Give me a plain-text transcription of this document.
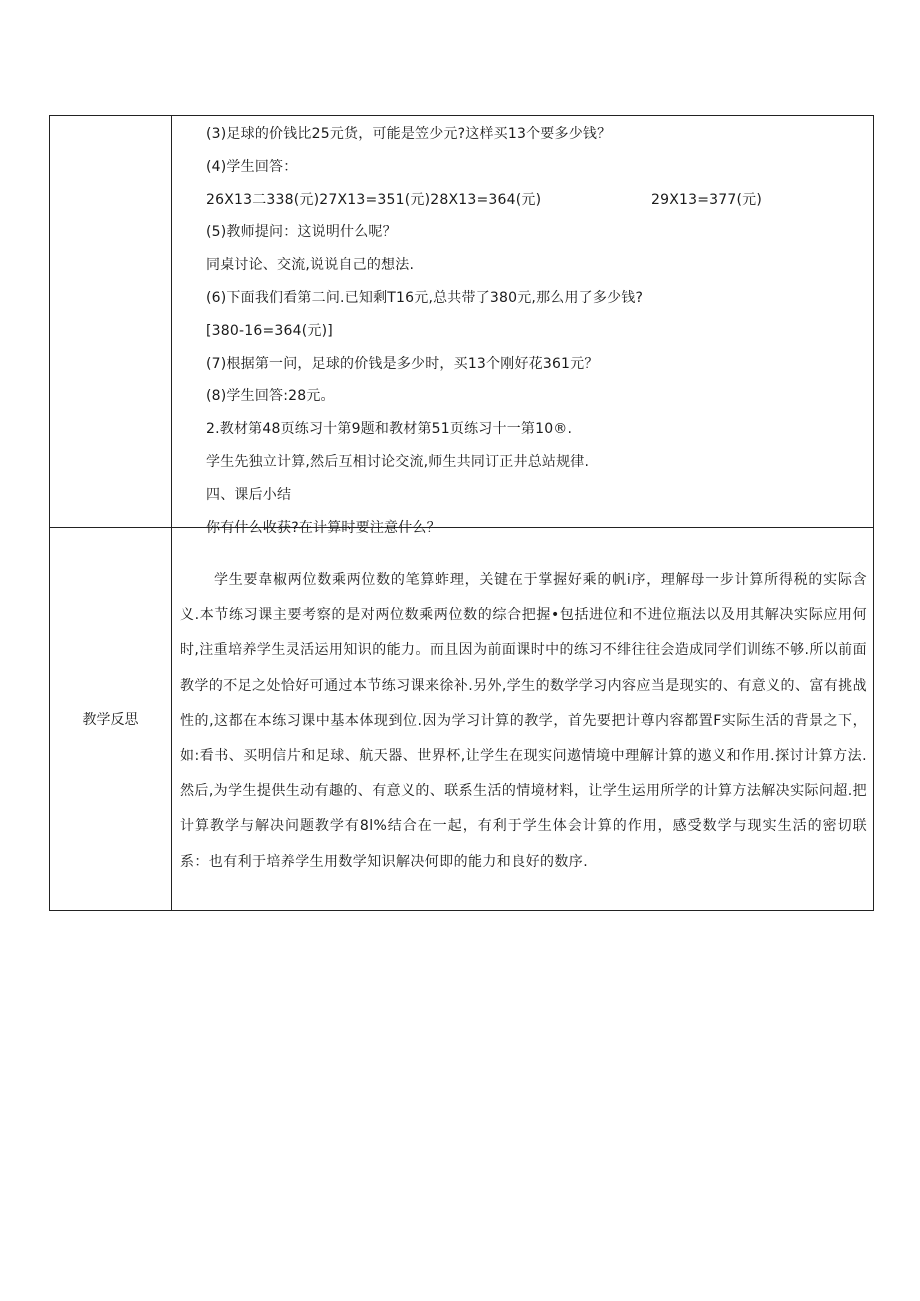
(3)足球的价钱比25元货，可能是笠少元?这样买13个要多少钱？
(4)学生回答：
26X13二338(元)27X13=351(元)28X13=364(元)	29X13=377(元)
(5)教师提问：这说明什么呢？
同桌讨论、交流,说说自己的想法.
(6)下面我们看第二问.已知剩T16元,总共带了380元,那么用了多少钱?
[380-16=364(元)]
(7)根据第一问，足球的价钱是多少时，买13个刚好花361元？
(8)学生回答:28元。
2.教材第48页练习十第9题和教材第51页练习十一第10®.
学生先独立计算,然后互相讨论交流,师生共同订正井总站规律.
四、课后小结
你有什么收获?在计算时要注意什么？
教学反思
学生要韋椒两位数乘两位数的笔算蚱理，关键在于掌握好乘的帆i序，理解母一步计算所得税的实际含义.本节练习课主要考察的是对两位数乘两位数的综合把握•包括进位和不进位瓶法以及用其解决实际应用何时,注重培养学生灵活运用知识的能力。而且因为前面课时中的练习不绯往往会造成同学们训练不够.所以前面教学的不足之处恰好可通过本节练习课来徐补.另外,学生的数学学习内容应当是现实的、有意义的、富有挑战性的,这都在本练习课中基本体现到位.因为学习计算的教学，首先要把计尊内容都置F实际生活的背景之下，如:看书、买明信片和足球、航天器、世界杯,让学生在现实问遨情境中理解计算的遨义和作用.探讨计算方法.然后,为学生提供生动有趣的、有意义的、联系生活的情境材料，让学生运用所学的计算方法解决实际问超.把计算教学与解决问题教学有8l%结合在一起，有利于学生体会计算的作用，感受数学与现实生活的密切联系：也有利于培养学生用数学知识解决何即的能力和良好的数序.
